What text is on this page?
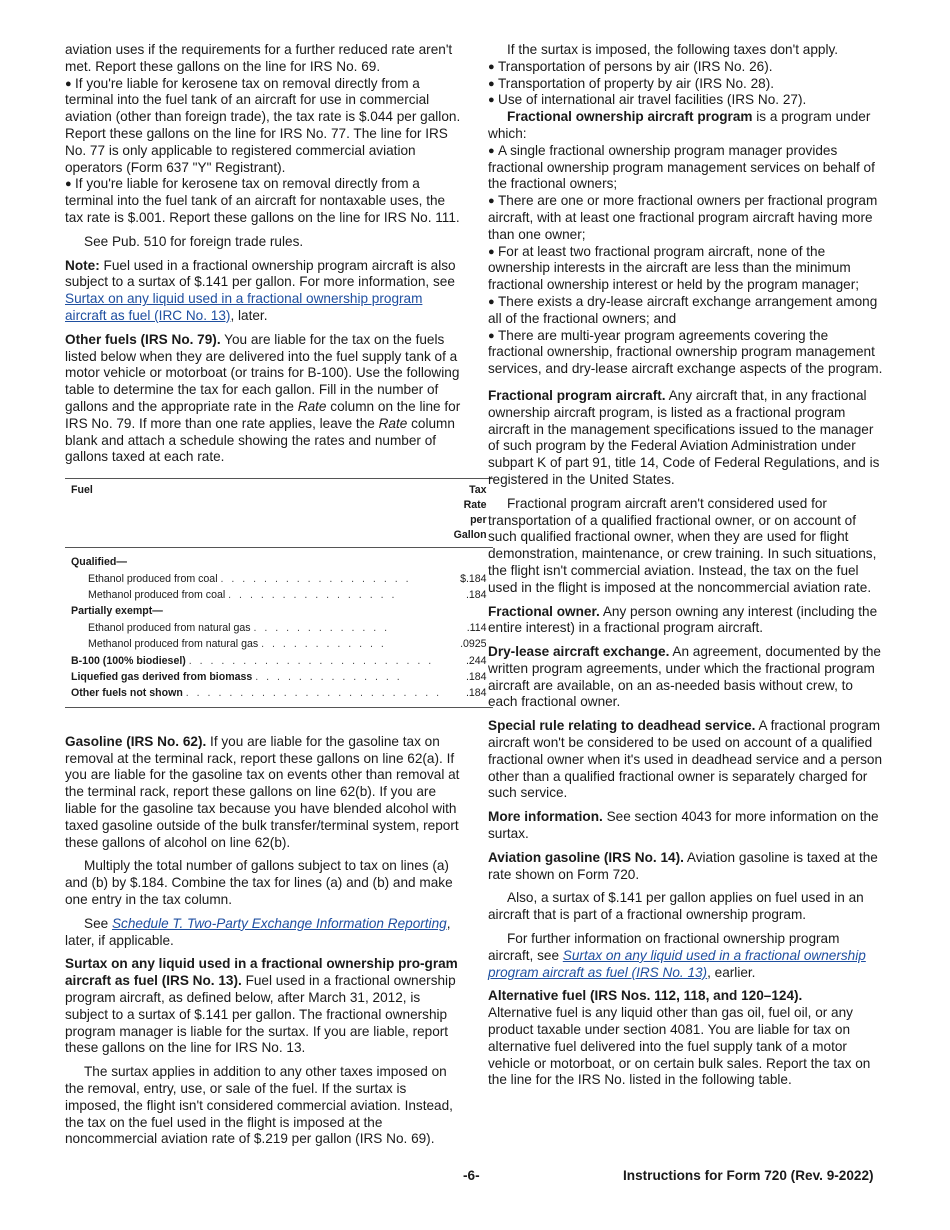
aviation uses if the requirements for a further reduced rate aren't met. Report these gallons on the line for IRS No. 69.

●If you're liable for kerosene tax on removal directly from a terminal into the fuel tank of an aircraft for use in commercial aviation (other than foreign trade), the tax rate is $.044 per gallon. Report these gallons on the line for IRS No. 77. The line for IRS No. 77 is only applicable to registered commercial aviation operators (Form 637 "Y" Registrant).

●If you're liable for kerosene tax on removal directly from a terminal into the fuel tank of an aircraft for nontaxable uses, the tax rate is $.001. Report these gallons on the line for IRS No. 111.

See Pub. 510 for foreign trade rules.

Note: Fuel used in a fractional ownership program aircraft is also subject to a surtax of $.141 per gallon. For more information, see Surtax on any liquid used in a fractional ownership program aircraft as fuel (IRC No. 13), later.

Other fuels (IRS No. 79). You are liable for the tax on the fuels listed below when they are delivered into the fuel supply tank of a motor vehicle or motorboat (or trains for B-100). Use the following table to determine the tax for each gallon. Fill in the number of gallons and the appropriate rate in the Rate column on the line for IRS No. 79. If more than one rate applies, leave the Rate column blank and attach a schedule showing the rates and number of gallons taxed at each rate.

Fuel	Tax Rate
per Gallon
Qualified—	
Ethanol produced from coal . . . . . . . . . . . . . . . . . .	$.184
Methanol produced from coal . . . . . . . . . . . . . . . .	.184
Partially exempt—	
Ethanol produced from natural gas . . . . . . . . . . . . .	.114
Methanol produced from natural gas . . . . . . . . . . . .	.0925
B-100 (100% biodiesel) . . . . . . . . . . . . . . . . . . . . . . .	.244
Liquefied gas derived from biomass . . . . . . . . . . . . . .	.184
Other fuels not shown . . . . . . . . . . . . . . . . . . . . . . . .	.184

Gasoline (IRS No. 62). If you are liable for the gasoline tax on removal at the terminal rack, report these gallons on line 62(a). If you are liable for the gasoline tax on events other than removal at the terminal rack, report these gallons on line 62(b). If you are liable for the gasoline tax because you have blended alcohol with taxed gasoline outside of the bulk transfer/terminal system, report these gallons of alcohol on line 62(b).

Multiply the total number of gallons subject to tax on lines (a) and (b) by $.184. Combine the tax for lines (a) and (b) and make one entry in the tax column.

See Schedule T. Two-Party Exchange Information Reporting, later, if applicable.

Surtax on any liquid used in a fractional ownership pro-gram aircraft as fuel (IRS No. 13). Fuel used in a fractional ownership program aircraft, as defined below, after March 31, 2012, is subject to a surtax of $.141 per gallon. The fractional ownership program manager is liable for the surtax. If you are liable, report these gallons on the line for IRS No. 13.

The surtax applies in addition to any other taxes imposed on the removal, entry, use, or sale of the fuel. If the surtax is imposed, the flight isn't considered commercial aviation. Instead, the tax on the fuel used in the flight is imposed at the noncommercial aviation rate of $.219 per gallon (IRS No. 69).

If the surtax is imposed, the following taxes don't apply.

●Transportation of persons by air (IRS No. 26).

●Transportation of property by air (IRS No. 28).

●Use of international air travel facilities (IRS No. 27).

Fractional ownership aircraft program is a program under which:

●A single fractional ownership program manager provides fractional ownership program management services on behalf of the fractional owners;

●There are one or more fractional owners per fractional program aircraft, with at least one fractional program aircraft having more than one owner;

●For at least two fractional program aircraft, none of the ownership interests in the aircraft are less than the minimum fractional ownership interest or held by the program manager;

●There exists a dry-lease aircraft exchange arrangement among all of the fractional owners; and

●There are multi-year program agreements covering the fractional ownership, fractional ownership program management services, and dry-lease aircraft exchange aspects of the program.

Fractional program aircraft. Any aircraft that, in any fractional ownership aircraft program, is listed as a fractional program aircraft in the management specifications issued to the manager of such program by the Federal Aviation Administration under subpart K of part 91, title 14, Code of Federal Regulations, and is registered in the United States.

Fractional program aircraft aren't considered used for transportation of a qualified fractional owner, or on account of such qualified fractional owner, when they are used for flight demonstration, maintenance, or crew training. In such situations, the flight isn't commercial aviation. Instead, the tax on the fuel used in the flight is imposed at the noncommercial aviation rate.

Fractional owner. Any person owning any interest (including the entire interest) in a fractional program aircraft.

Dry-lease aircraft exchange. An agreement, documented by the written program agreements, under which the fractional program aircraft are available, on an as-needed basis without crew, to each fractional owner.

Special rule relating to deadhead service. A fractional program aircraft won't be considered to be used on account of a qualified fractional owner when it's used in deadhead service and a person other than a qualified fractional owner is separately charged for such service.

More information. See section 4043 for more information on the surtax.

Aviation gasoline (IRS No. 14). Aviation gasoline is taxed at the rate shown on Form 720.

Also, a surtax of $.141 per gallon applies on fuel used in an aircraft that is part of a fractional ownership program.

For further information on fractional ownership program aircraft, see Surtax on any liquid used in a fractional ownership program aircraft as fuel (IRS No. 13), earlier.

Alternative fuel (IRS Nos. 112, 118, and 120–124).
Alternative fuel is any liquid other than gas oil, fuel oil, or any product taxable under section 4081. You are liable for tax on alternative fuel delivered into the fuel supply tank of a motor vehicle or motorboat, or on certain bulk sales. Report the tax on the line for the IRS No. listed in the following table.

-6-	Instructions for Form 720 (Rev. 9-2022)
